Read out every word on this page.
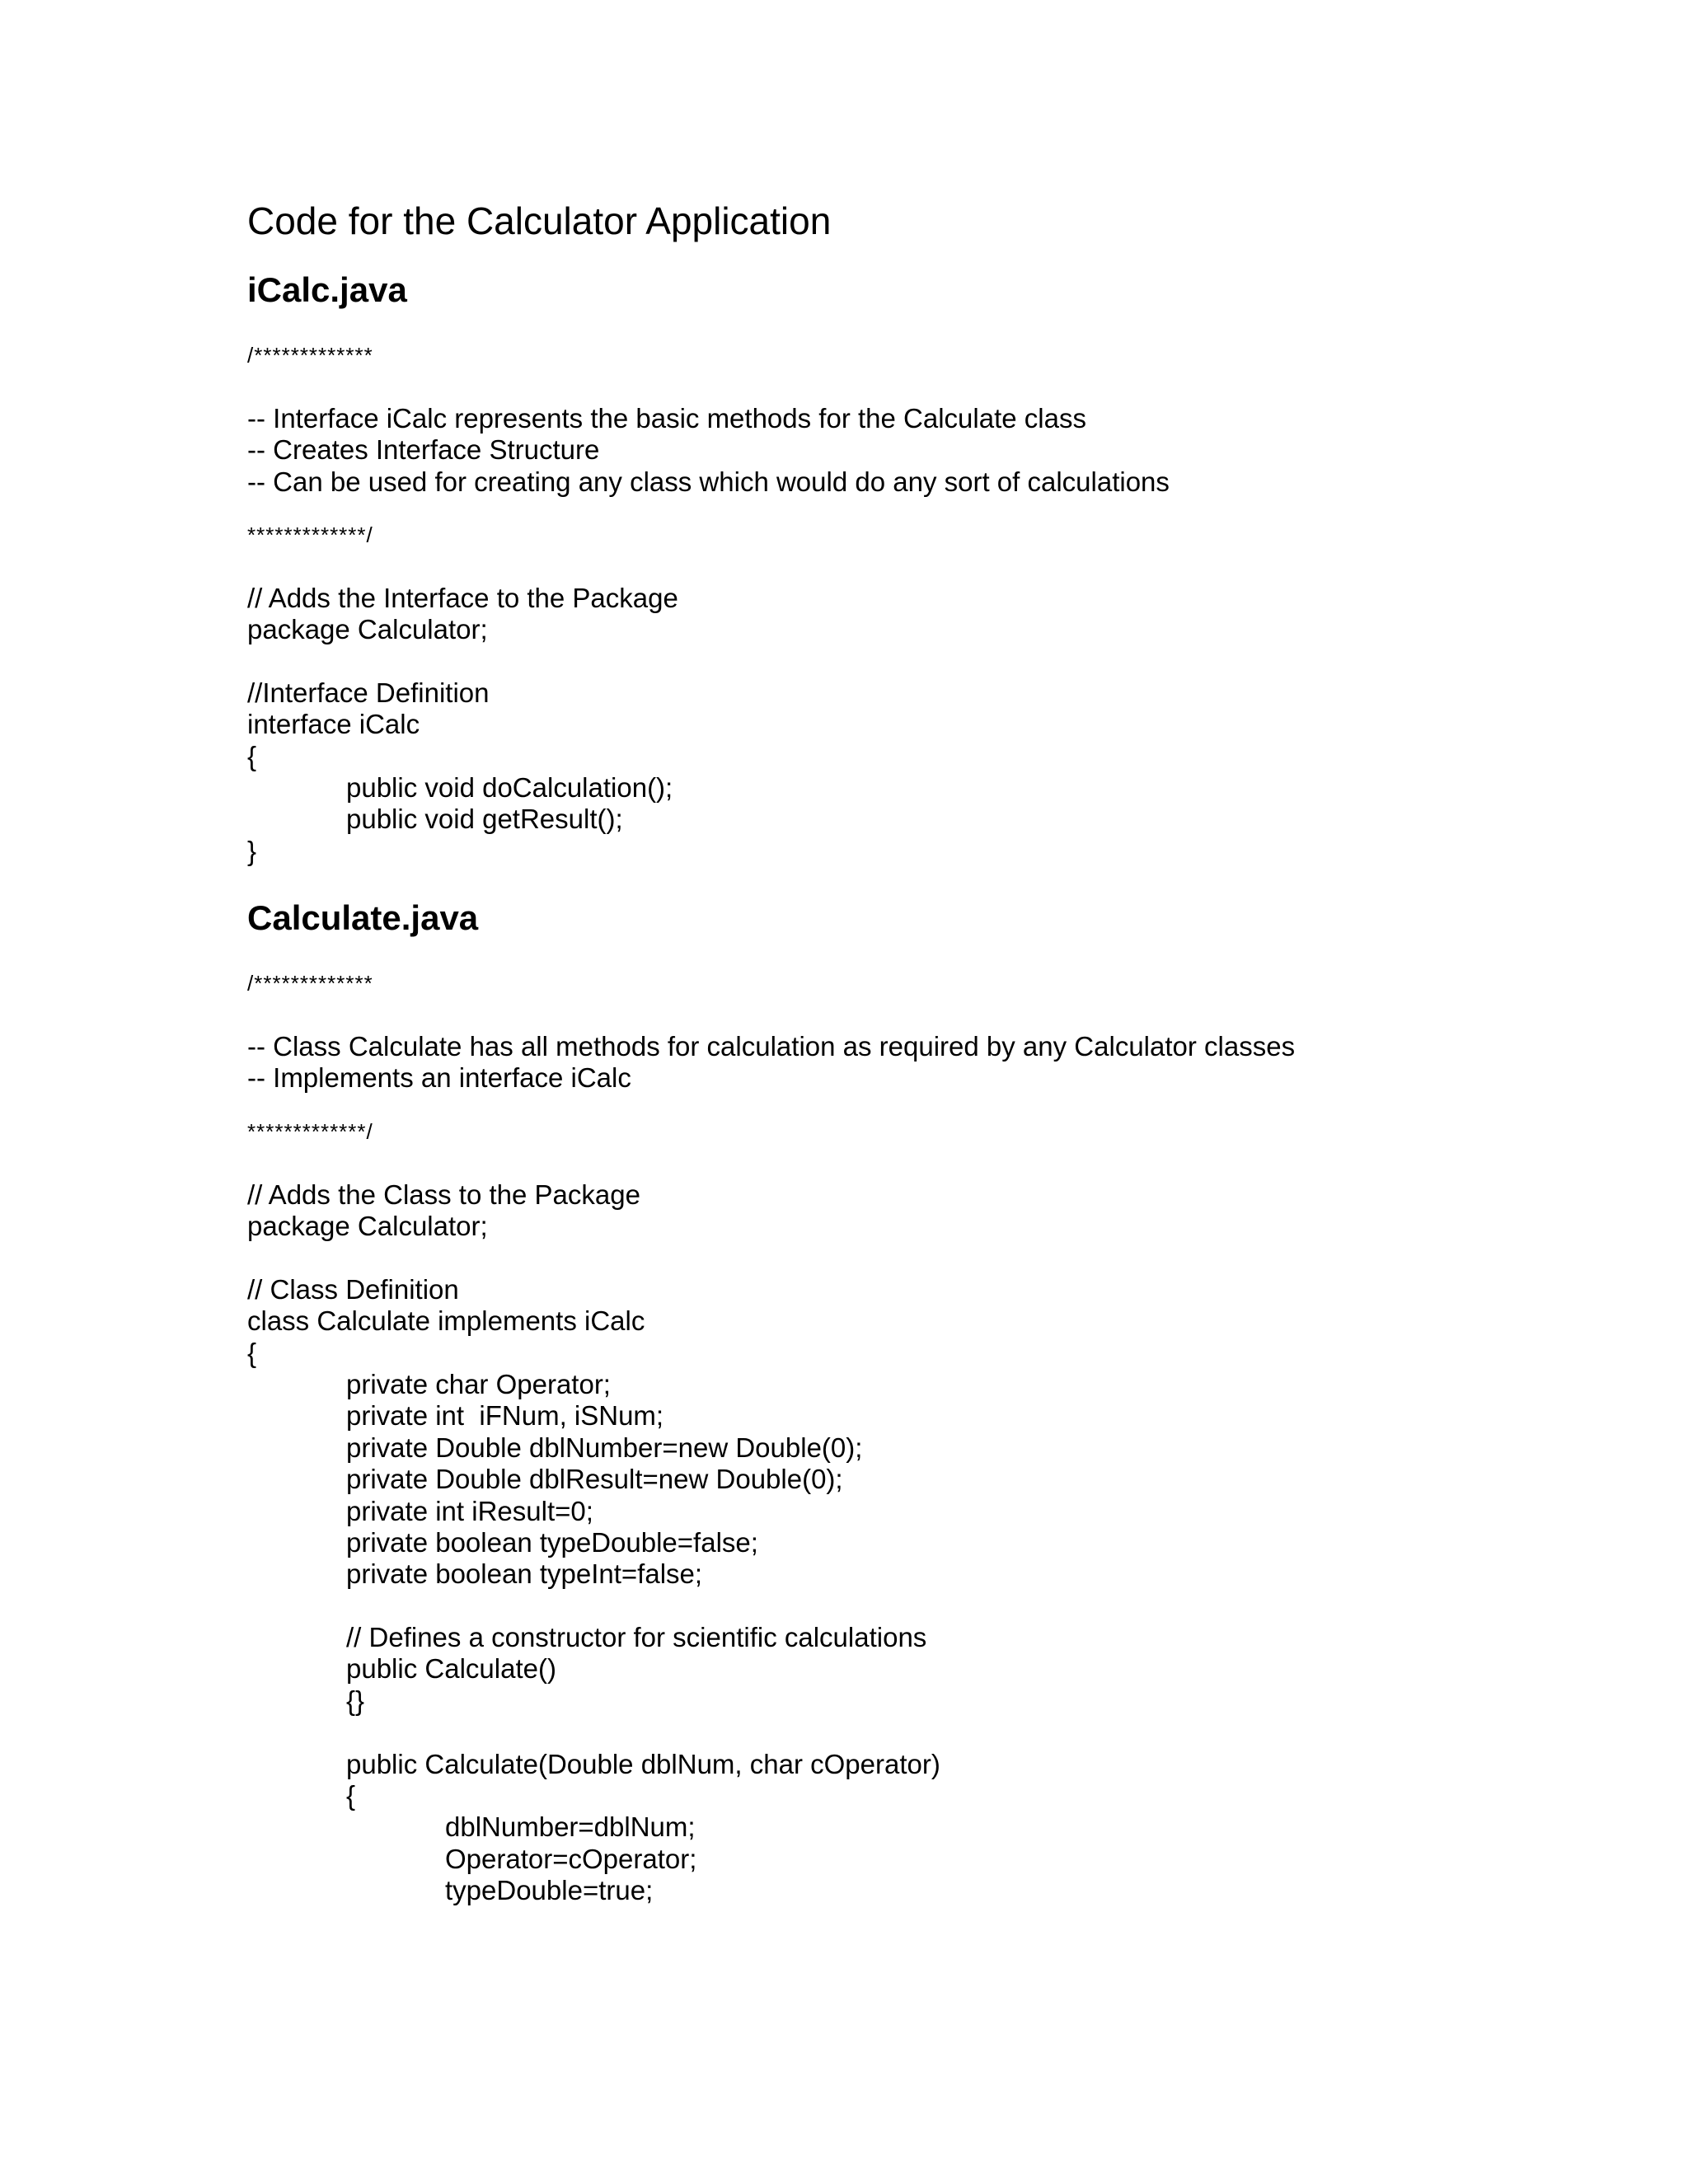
Code for the Calculator Application
iCalc.java
/*************
-- Interface iCalc represents the basic methods for the Calculate class
-- Creates Interface Structure
-- Can be used for creating any class which would do any sort of calculations
*************/
// Adds the Interface to the Package
package Calculator;
//Interface Definition
interface iCalc
{
public void doCalculation();
public void getResult();
}
Calculate.java
/*************
-- Class Calculate has all methods for calculation as required by any Calculator classes
-- Implements an interface iCalc
*************/
// Adds the Class to the Package
package Calculator;
// Class Definition
class Calculate implements iCalc
{
private char Operator;
private int  iFNum, iSNum;
private Double dblNumber=new Double(0);
private Double dblResult=new Double(0);
private int iResult=0;
private boolean typeDouble=false;
private boolean typeInt=false;
// Defines a constructor for scientific calculations
public Calculate()
{}
public Calculate(Double dblNum, char cOperator)
{
dblNumber=dblNum;
Operator=cOperator;
typeDouble=true;
